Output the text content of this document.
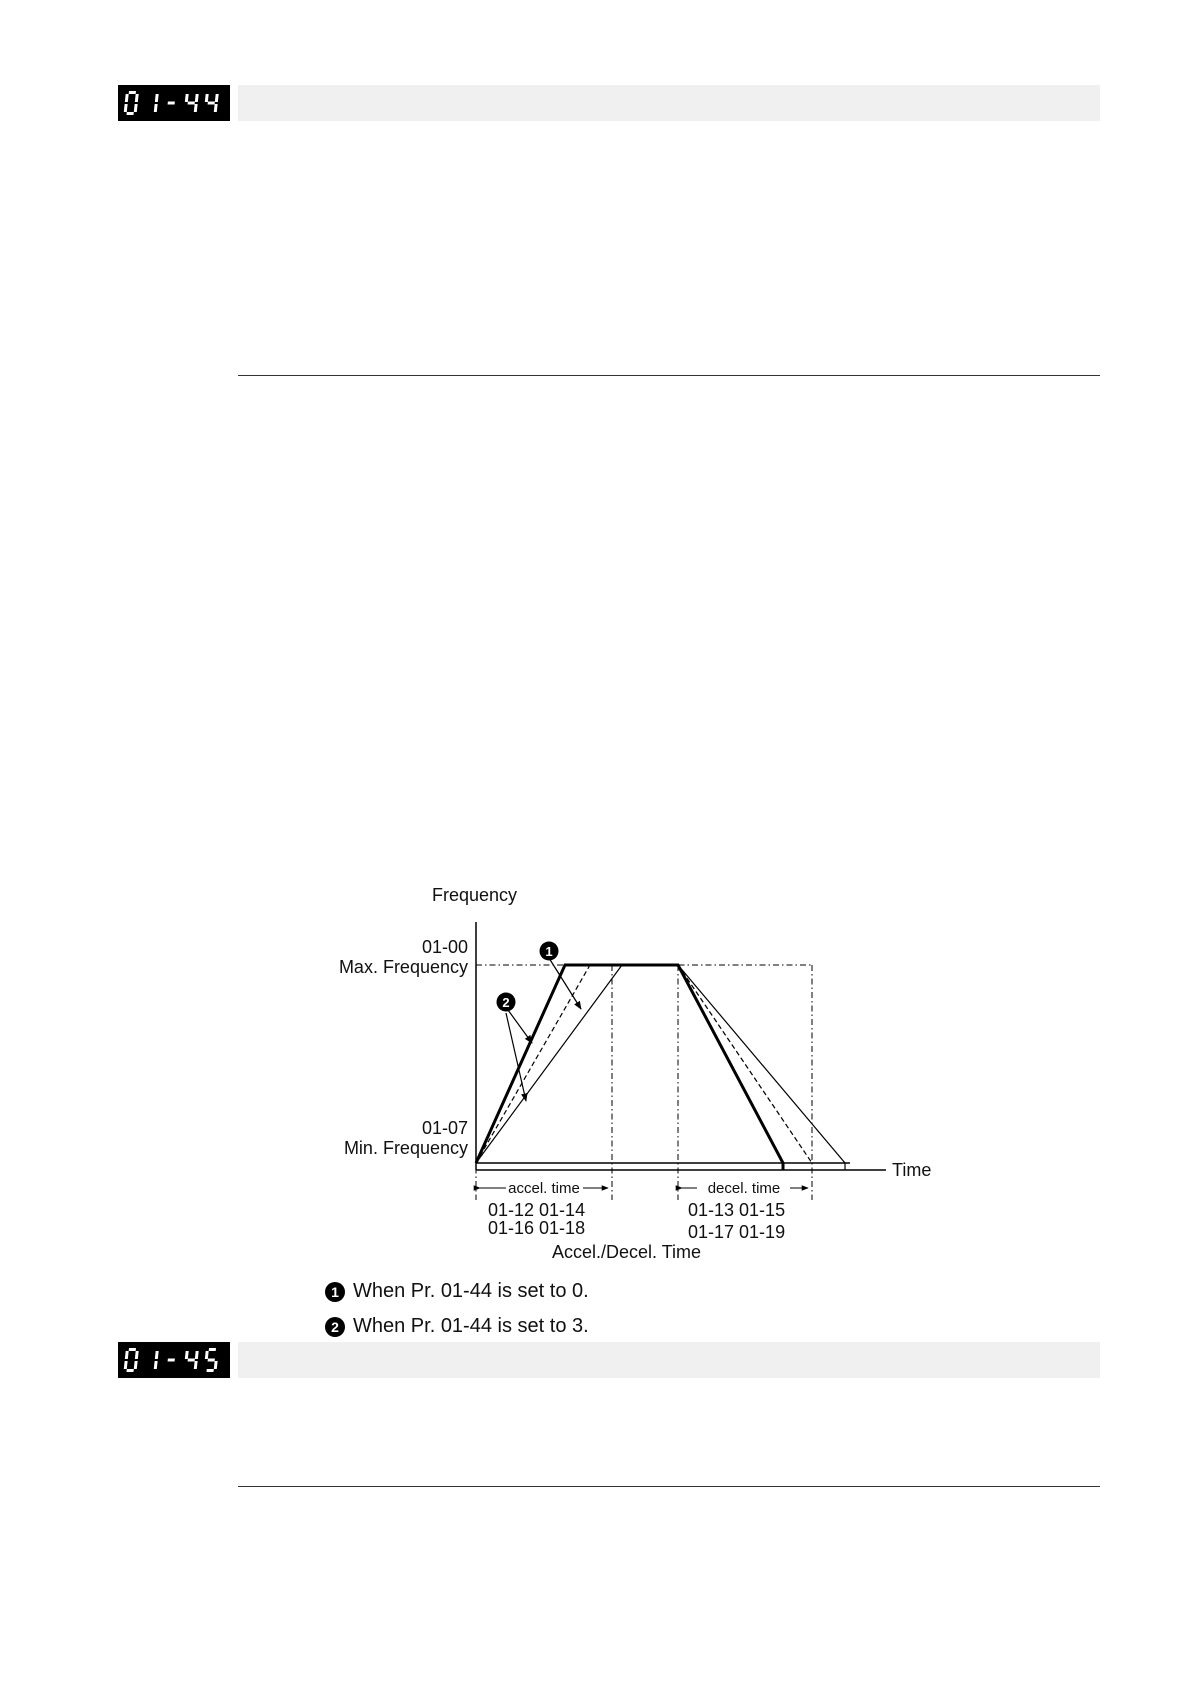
1
2
Frequency
01-00
Max. Frequency
01-07
Min. Frequency
Time
accel. time	decel. time
01-12 01-14
01-16 01-18
01-13 01-15
01-17 01-19
Accel./Decel. Time
1 When Pr. 01-44 is set to 0.
2 When Pr. 01-44 is set to 3.
